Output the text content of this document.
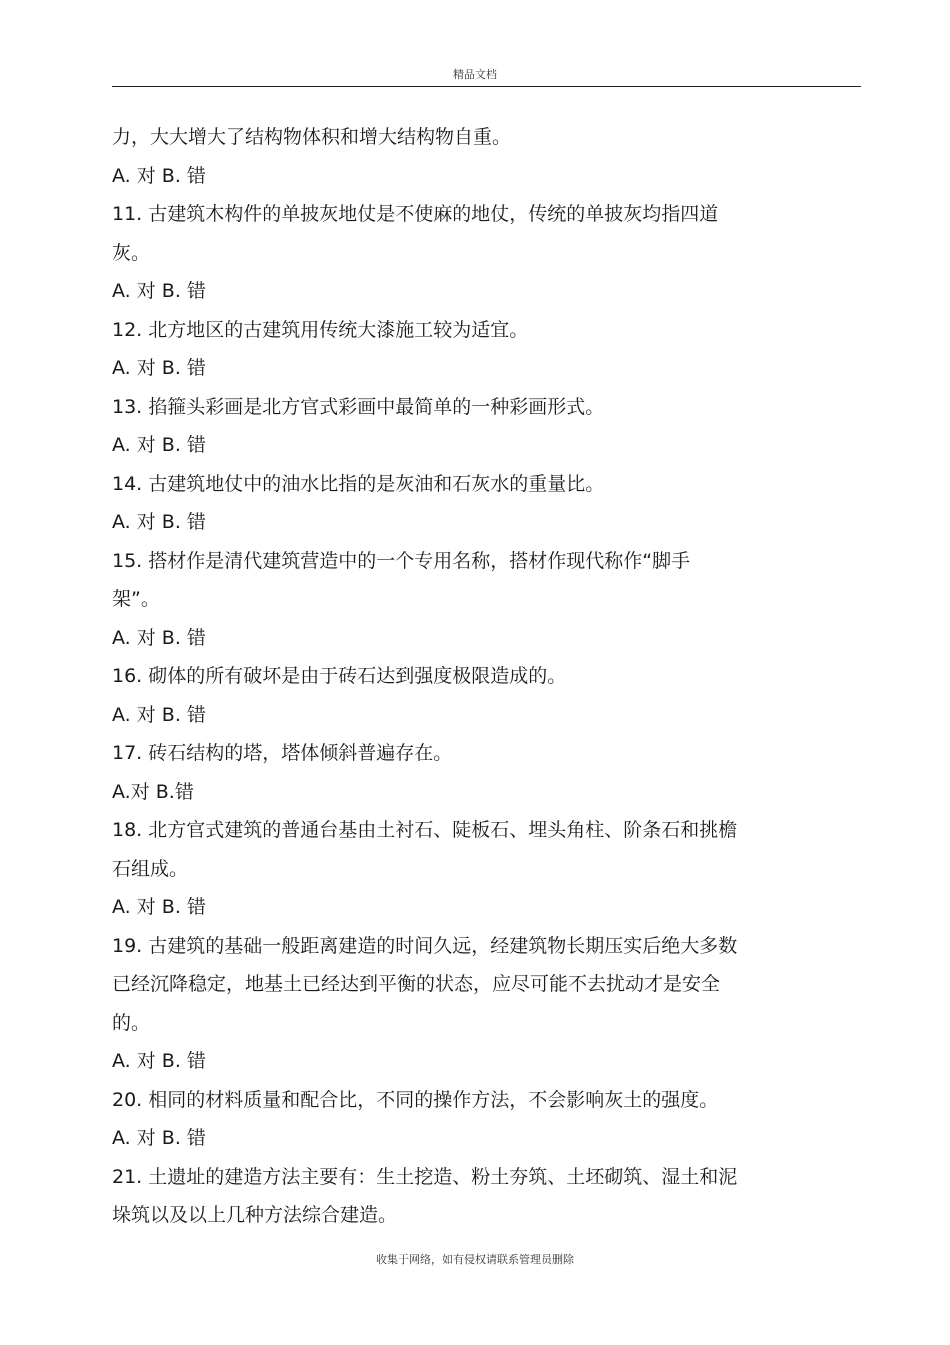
精品文档
力，大大增大了结构物体积和增大结构物自重。
A. 对 B. 错
11. 古建筑木构件的单披灰地仗是不使麻的地仗，传统的单披灰均指四道
灰。
A. 对 B. 错
12. 北方地区的古建筑用传统大漆施工较为适宜。
A. 对 B. 错
13. 掐箍头彩画是北方官式彩画中最简单的一种彩画形式。
A. 对 B. 错
14. 古建筑地仗中的油水比指的是灰油和石灰水的重量比。
A. 对 B. 错
15. 搭材作是清代建筑营造中的一个专用名称，搭材作现代称作“脚手
架”。
A. 对 B. 错
16. 砌体的所有破坏是由于砖石达到强度极限造成的。
A. 对 B. 错
17. 砖石结构的塔，塔体倾斜普遍存在。
A.对 B.错
18. 北方官式建筑的普通台基由土衬石、陡板石、埋头角柱、阶条石和挑檐
石组成。
A. 对 B. 错
19. 古建筑的基础一般距离建造的时间久远，经建筑物长期压实后绝大多数
已经沉降稳定，地基土已经达到平衡的状态，应尽可能不去扰动才是安全
的。
A. 对 B. 错
20. 相同的材料质量和配合比，不同的操作方法，不会影响灰土的强度。
A. 对 B. 错
21. 土遗址的建造方法主要有：生土挖造、粉土夯筑、土坯砌筑、湿土和泥
垛筑以及以上几种方法综合建造。
收集于网络，如有侵权请联系管理员删除
